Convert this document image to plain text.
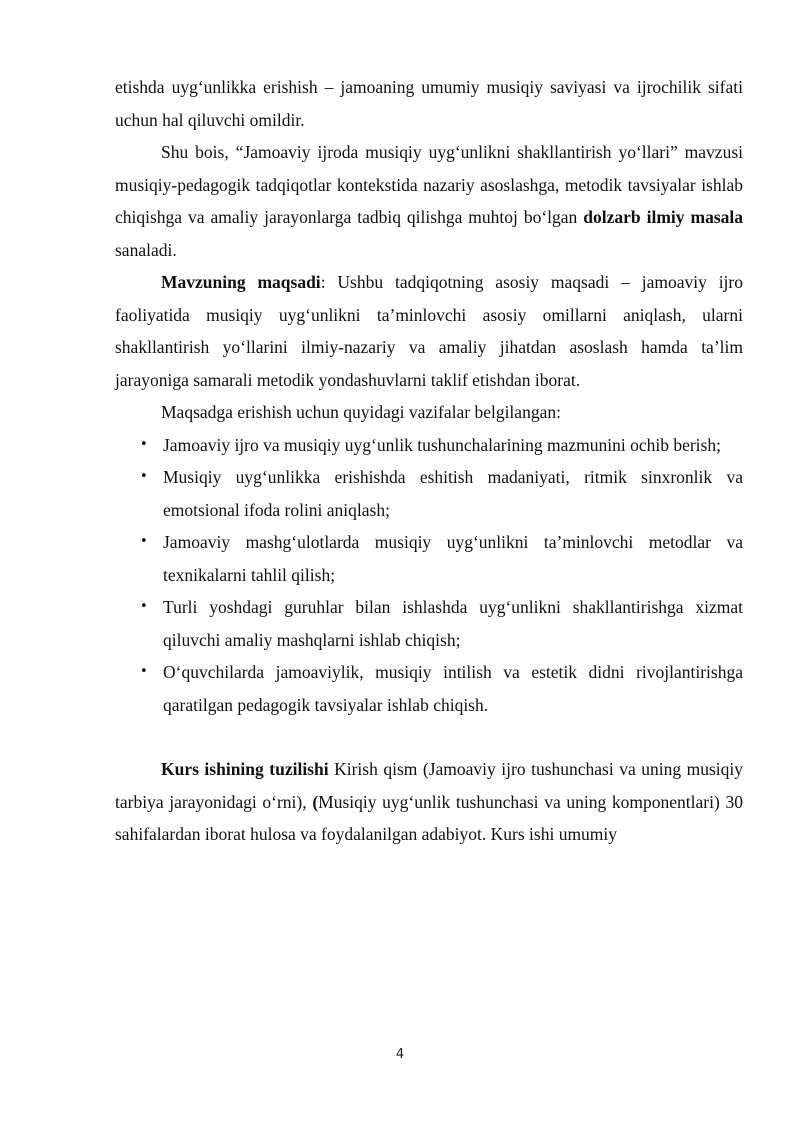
etishda uyg‘unlikka erishish – jamoaning umumiy musiqiy saviyasi va ijrochilik sifati uchun hal qiluvchi omildir.

Shu bois, “Jamoaviy ijroda musiqiy uyg‘unlikni shakllantirish yo‘llari” mavzusi musiqiy-pedagogik tadqiqotlar kontekstida nazariy asoslashga, metodik tavsiyalar ishlab chiqishga va amaliy jarayonlarga tadbiq qilishga muhtoj bo‘lgan dolzarb ilmiy masala sanaladi.

Mavzuning maqsadi: Ushbu tadqiqotning asosiy maqsadi – jamoaviy ijro faoliyatida musiqiy uyg‘unlikni ta’minlovchi asosiy omillarni aniqlash, ularni shakllantirish yo‘llarini ilmiy-nazariy va amaliy jihatdan asoslash hamda ta’lim jarayoniga samarali metodik yondashuvlarni taklif etishdan iborat.

Maqsadga erishish uchun quyidagi vazifalar belgilangan:

• Jamoaviy ijro va musiqiy uyg‘unlik tushunchalarining mazmunini ochib berish;
• Musiqiy uyg‘unlikka erishishda eshitish madaniyati, ritmik sinxronlik va emotsional ifoda rolini aniqlash;
• Jamoaviy mashg‘ulotlarda musiqiy uyg‘unlikni ta’minlovchi metodlar va texnikalarni tahlil qilish;
• Turli yoshdagi guruhlar bilan ishlashda uyg‘unlikni shakllantirishga xizmat qiluvchi amaliy mashqlarni ishlab chiqish;
• O‘quvchilarda jamoaviylik, musiqiy intilish va estetik didni rivojlantirishga qaratilgan pedagogik tavsiyalar ishlab chiqish.

Kurs ishining tuzilishi Kirish qism (Jamoaviy ijro tushunchasi va uning musiqiy tarbiya jarayonidagi o‘rni), (Musiqiy uyg‘unlik tushunchasi va uning komponentlari) 30 sahifalardan iborat hulosa va foydalanilgan adabiyot. Kurs ishi umumiy

4
